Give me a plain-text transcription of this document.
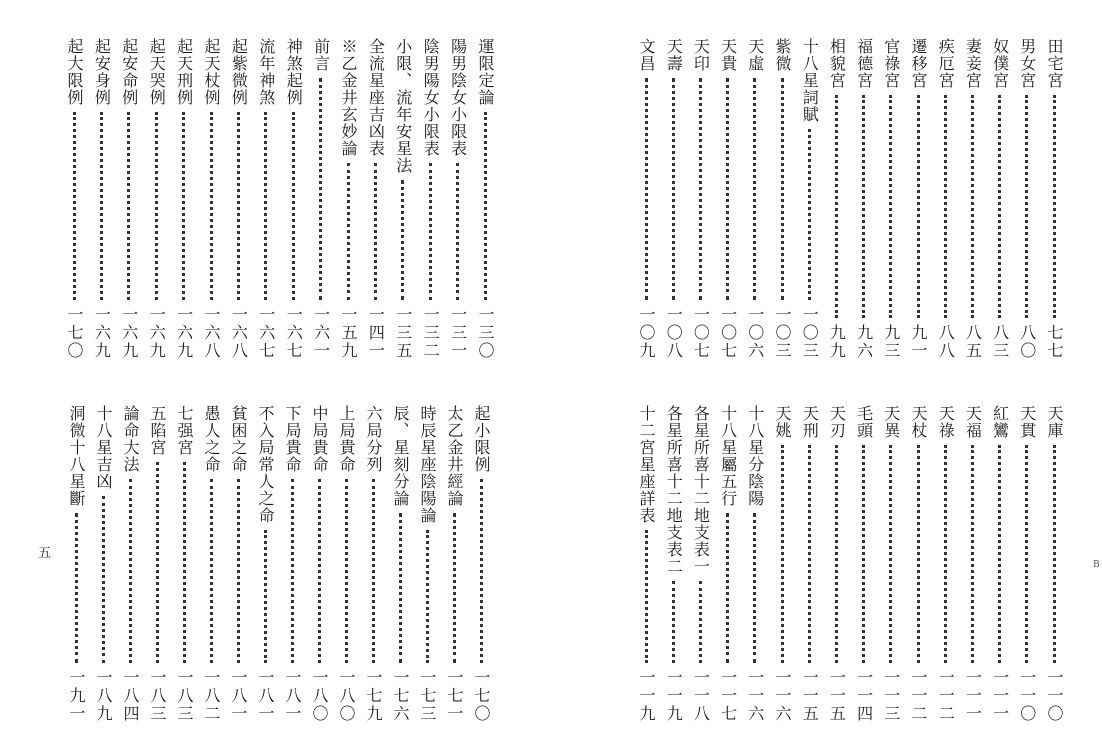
運限定論
一三〇
陽男陰女小限表
一三一
陰男陽女小限表
一三二
小限、流年安星法
一三五
全流星座吉凶表
一四一
※乙金井玄妙論
一五九
前言
一六一
神煞起例
一六七
流年神煞
一六七
起紫微例
一六八
起天杖例
一六八
起天刑例
一六九
起天哭例
一六九
起安命例
一六九
起安身例
一六九
起大限例
一七〇
起小限例
一七〇
太乙金井經論
一七一
時辰星座陰陽論
一七三
辰、星刻分論
一七六
六局分列
一七九
上局貴命
一八〇
中局貴命
一八〇
下局貴命
一八一
不入局常人之命
一八一
貧困之命
一八一
愚人之命
一八二
七强宮
一八三
五陷宮
一八三
論命大法
一八四
十八星吉凶
一八九
洞微十八星斷
一九一
五
田宅宮
七七
男女宮
八〇
奴僕宮
八三
妻妾宮
八五
疾厄宮
八八
遷移宮
九一
官祿宮
九三
福德宮
九六
相貌宮
九九
十八星詞賦
一〇三
紫微
一〇三
天虛
一〇六
天貴
一〇七
天印
一〇七
天壽
一〇八
文昌
一〇九
天庫
一一〇
天貫
一一〇
紅鸞
一一一
天福
一一一
天祿
一一二
天杖
一一二
天異
一一三
毛頭
一一四
天刃
一一五
天刑
一一五
天姚
一一六
十八星分陰陽
一一六
十八星屬五行
一一七
各星所喜十二地支表一
一一八
各星所喜十二地支表二
一一九
十二宮星座詳表
一一九
B
